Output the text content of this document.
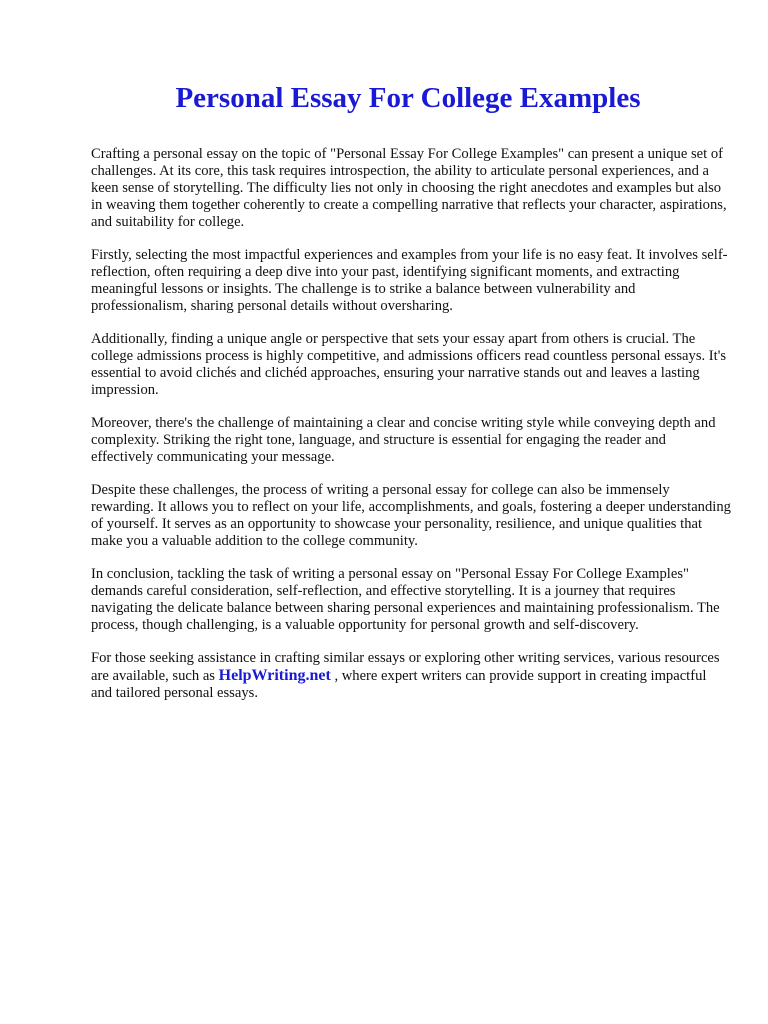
Personal Essay For College Examples

Crafting a personal essay on the topic of "Personal Essay For College Examples" can present a unique set of challenges. At its core, this task requires introspection, the ability to articulate personal experiences, and a keen sense of storytelling. The difficulty lies not only in choosing the right anecdotes and examples but also in weaving them together coherently to create a compelling narrative that reflects your character, aspirations, and suitability for college.

Firstly, selecting the most impactful experiences and examples from your life is no easy feat. It involves self-reflection, often requiring a deep dive into your past, identifying significant moments, and extracting meaningful lessons or insights. The challenge is to strike a balance between vulnerability and professionalism, sharing personal details without oversharing.

Additionally, finding a unique angle or perspective that sets your essay apart from others is crucial. The college admissions process is highly competitive, and admissions officers read countless personal essays. It's essential to avoid clichés and clichéd approaches, ensuring your narrative stands out and leaves a lasting impression.

Moreover, there's the challenge of maintaining a clear and concise writing style while conveying depth and complexity. Striking the right tone, language, and structure is essential for engaging the reader and effectively communicating your message.

Despite these challenges, the process of writing a personal essay for college can also be immensely rewarding. It allows you to reflect on your life, accomplishments, and goals, fostering a deeper understanding of yourself. It serves as an opportunity to showcase your personality, resilience, and unique qualities that make you a valuable addition to the college community.

In conclusion, tackling the task of writing a personal essay on "Personal Essay For College Examples" demands careful consideration, self-reflection, and effective storytelling. It is a journey that requires navigating the delicate balance between sharing personal experiences and maintaining professionalism. The process, though challenging, is a valuable opportunity for personal growth and self-discovery.

For those seeking assistance in crafting similar essays or exploring other writing services, various resources are available, such as HelpWriting.net , where expert writers can provide support in creating impactful and tailored personal essays.
